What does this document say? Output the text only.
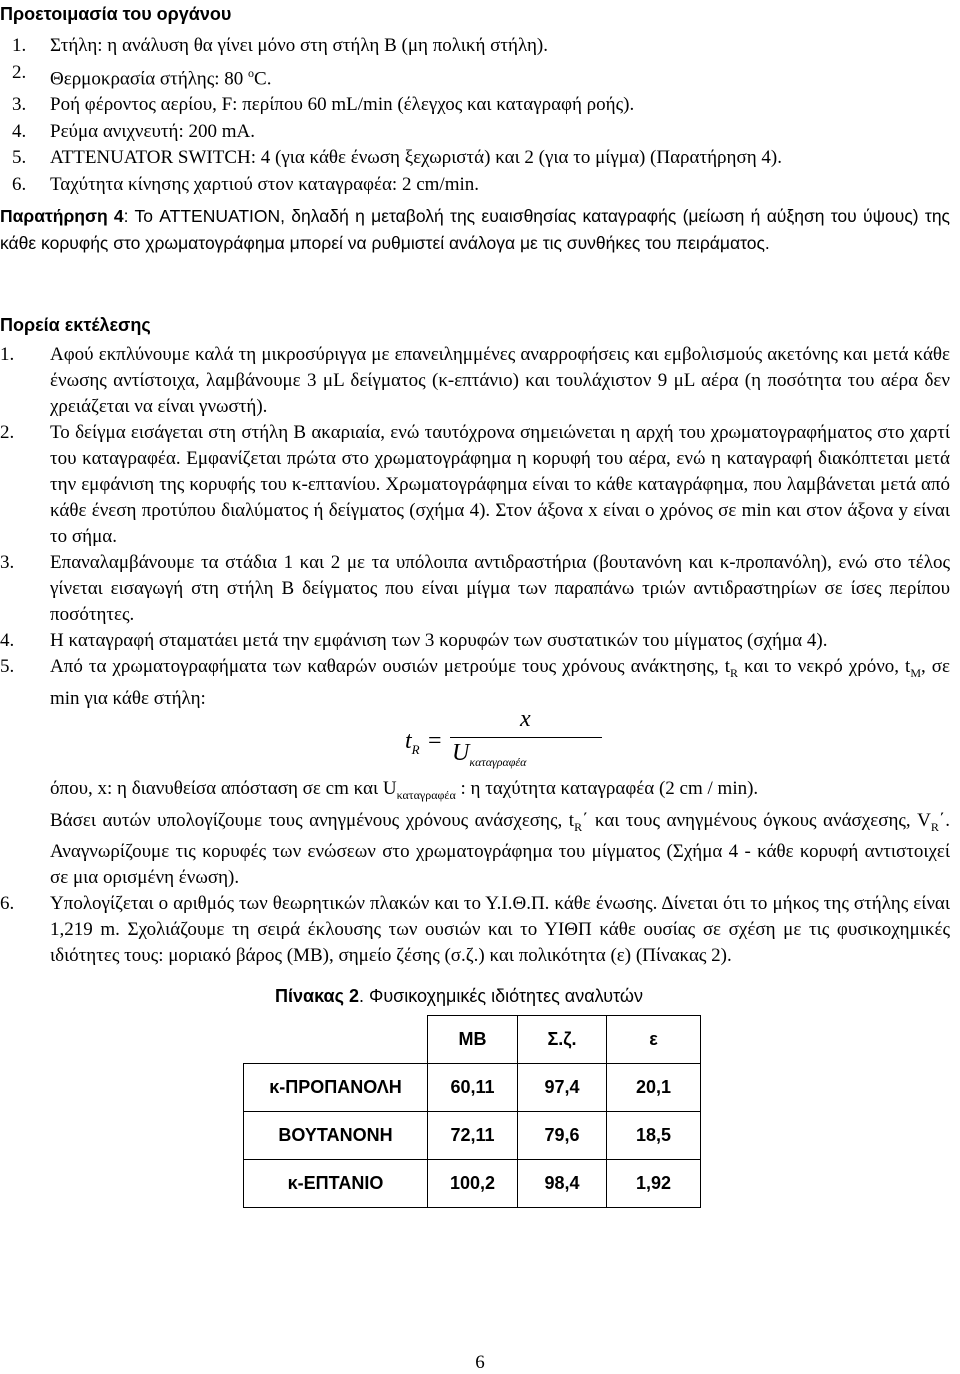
Προετοιμασία του οργάνου
1. Στήλη: η ανάλυση θα γίνει μόνο στη στήλη Β (μη πολική στήλη).
2. Θερμοκρασία στήλης: 80 $^o$C.
3. Ροή φέροντος αερίου, F: περίπου 60 mL/min (έλεγχος και καταγραφή ροής).
4. Ρεύμα ανιχνευτή: 200 mA.
5. ATTENUATOR SWITCH: 4 (για κάθε ένωση ξεχωριστά) και 2 (για το μίγμα) (Παρατήρηση 4).
6. Ταχύτητα κίνησης χαρτιού στον καταγραφέα: 2 cm/min.
Παρατήρηση 4: Το ATTENUATION, δηλαδή η μεταβολή της ευαισθησίας καταγραφής (μείωση ή αύξηση του ύψους) της κάθε κορυφής στο χρωματογράφημα μπορεί να ρυθμιστεί ανάλογα με τις συνθήκες του πειράματος.
Πορεία εκτέλεσης
1. Αφού εκπλύνουμε καλά τη μικροσύριγγα με επανειλημμένες αναρροφήσεις και εμβολισμούς ακετόνης και μετά κάθε ένωσης αντίστοιχα, λαμβάνουμε 3 μL δείγματος (κ-επτάνιο) και τουλάχιστον 9 μL αέρα (η ποσότητα του αέρα δεν χρειάζεται να είναι γνωστή).
2. Το δείγμα εισάγεται στη στήλη Β ακαριαία, ενώ ταυτόχρονα σημειώνεται η αρχή του χρωματογραφήματος στο χαρτί του καταγραφέα. Εμφανίζεται πρώτα στο χρωματογράφημα η κορυφή του αέρα, ενώ η καταγραφή διακόπτεται μετά την εμφάνιση της κορυφής του κ-επτανίου. Χρωματογράφημα είναι το κάθε καταγράφημα, που λαμβάνεται μετά από κάθε ένεση προτύπου διαλύματος ή δείγματος (σχήμα 4). Στον άξονα x είναι ο χρόνος σε min και στον άξονα y είναι το σήμα.
3. Επαναλαμβάνουμε τα στάδια 1 και 2 με τα υπόλοιπα αντιδραστήρια (βουτανόνη και κ-προπανόλη), ενώ στο τέλος γίνεται εισαγωγή στη στήλη Β δείγματος που είναι μίγμα των παραπάνω τριών αντιδραστηρίων σε ίσες περίπου ποσότητες.
4. Η καταγραφή σταματάει μετά την εμφάνιση των 3 κορυφών των συστατικών του μίγματος (σχήμα 4).
5. Από τα χρωματογραφήματα των καθαρών ουσιών μετρούμε τους χρόνους ανάκτησης, $t_R$ και το νεκρό χρόνο, $t_M$, σε min για κάθε στήλη:
$t_R$ =
x
$U_{\kappa\alpha\tau\alpha\gamma\rho\alpha\varphi έ\alpha}$
όπου, x: η διανυθείσα απόσταση σε cm και $U_{\kappa\alpha\tau\alpha\gamma\rho\alpha\varphi έ\alpha}$ : η ταχύτητα καταγραφέα (2 cm / min).
Βάσει αυτών υπολογίζουμε τους ανηγμένους χρόνους ανάσχεσης, $t_R΄$ και τους ανηγμένους όγκους ανάσχεσης, $V_R΄$. Αναγνωρίζουμε τις κορυφές των ενώσεων στο χρωματογράφημα του μίγματος (Σχήμα 4 - κάθε κορυφή αντιστοιχεί σε μια ορισμένη ένωση).
6. Υπολογίζεται ο αριθμός των θεωρητικών πλακών και το Υ.Ι.Θ.Π. κάθε ένωσης. Δίνεται ότι το μήκος της στήλης είναι 1,219 m. Σχολιάζουμε τη σειρά έκλουσης των ουσιών και το ΥΙΘΠ κάθε ουσίας σε σχέση με τις φυσικοχημικές ιδιότητες τους: μοριακό βάρος (ΜΒ), σημείο ζέσης (σ.ζ.) και πολικότητα (ε) (Πίνακας 2).
Πίνακας 2. Φυσικοχημικές ιδιότητες αναλυτών
	ΜΒ	Σ.ζ.	ε
κ-ΠΡΟΠΑΝΟΛΗ	60,11	97,4	20,1
ΒΟΥΤΑΝΟΝΗ	72,11	79,6	18,5
κ-ΕΠΤΑΝΙΟ	100,2	98,4	1,92
6
